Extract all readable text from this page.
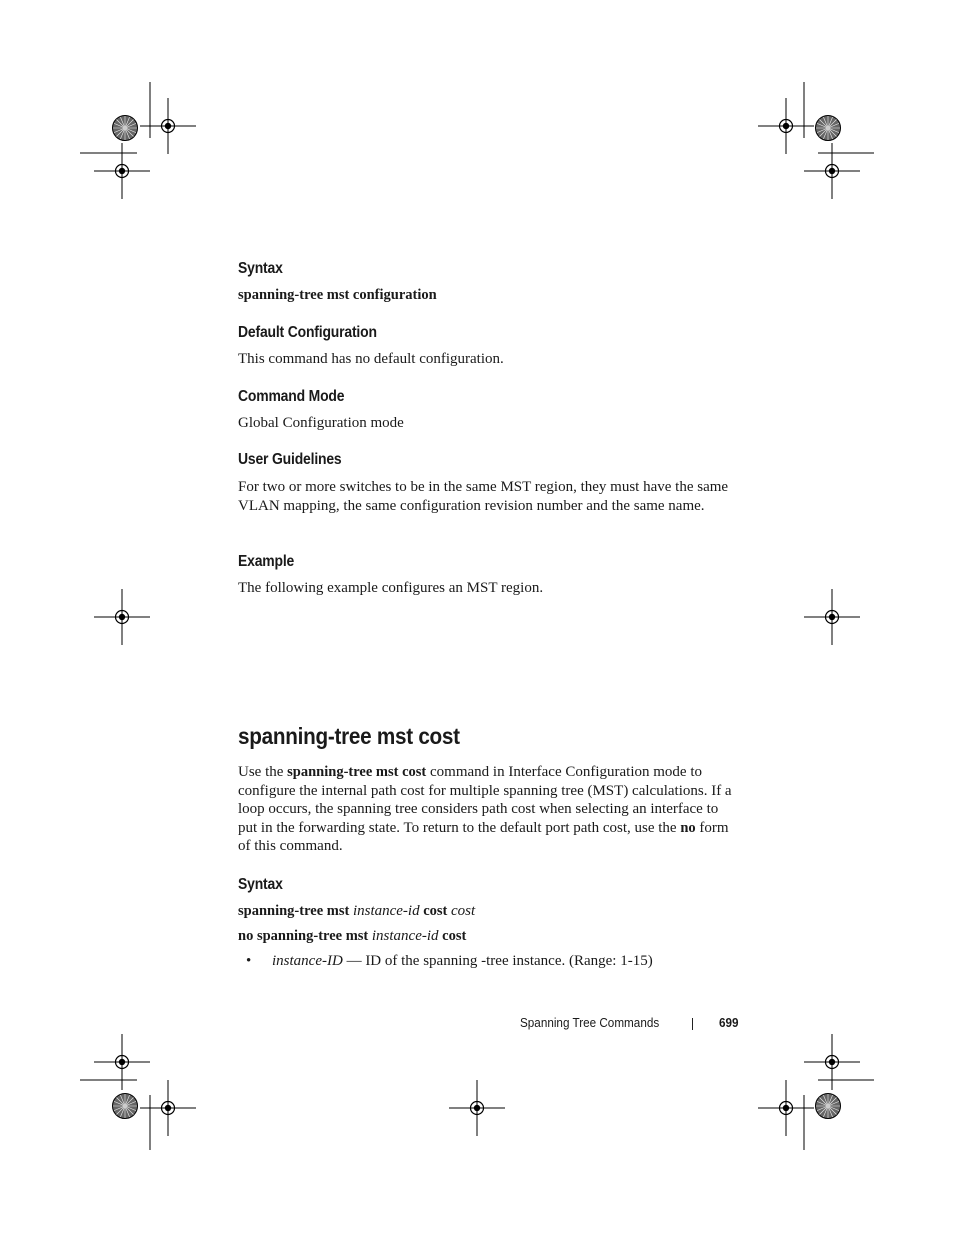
Syntax
spanning-tree mst configuration
Default Configuration
This command has no default configuration.
Command Mode
Global Configuration mode
User Guidelines
For two or more switches to be in the same MST region, they must have the same VLAN mapping, the same configuration revision number and the same name.
Example
The following example configures an MST region.
spanning-tree mst cost
Use the spanning-tree mst cost command in Interface Configuration mode to configure the internal path cost for multiple spanning tree (MST) calculations. If a loop occurs, the spanning tree considers path cost when selecting an interface to put in the forwarding state. To return to the default port path cost, use the no form of this command.
Syntax
spanning-tree mst instance-id cost cost
no spanning-tree mst instance-id cost
• instance-ID — ID of the spanning -tree instance. (Range: 1-15)
Spanning Tree Commands	699
